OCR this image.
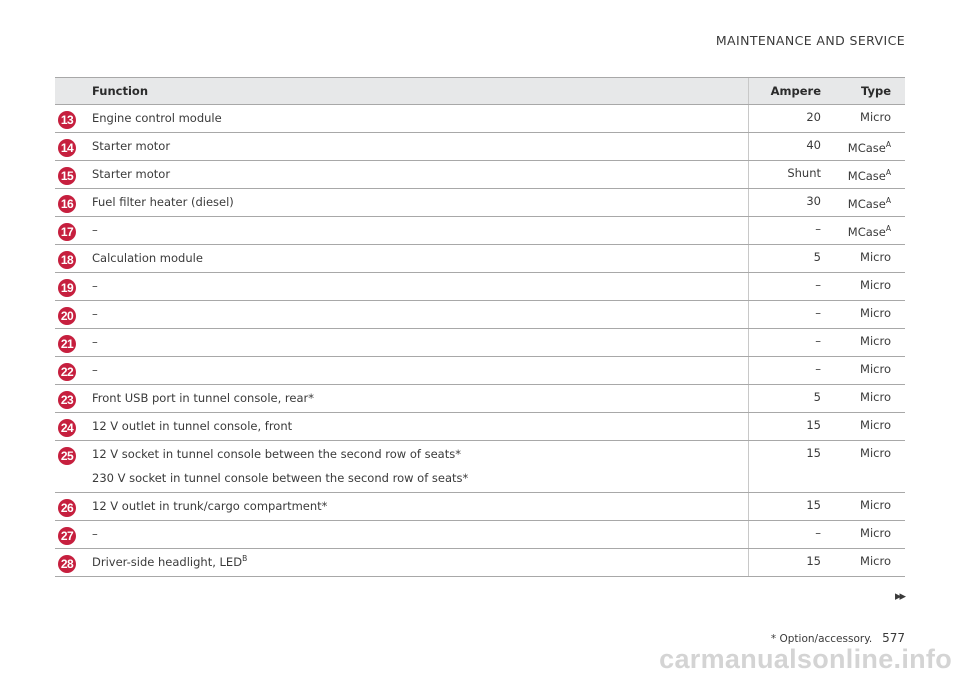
MAINTENANCE AND SERVICE
	Function	Ampere	Type

13	Engine control module	20	Micro

14	Starter motor	40	MCase$^A$

15	Starter motor	Shunt	MCase$^A$

16	Fuel filter heater (diesel)	30	MCase$^A$

17	–	–	MCase$^A$

18	Calculation module	5	Micro

19	–	–	Micro

20	–	–	Micro

21	–	–	Micro

22	–	–	Micro

23	Front USB port in tunnel console, rear*	5	Micro

24	12 V outlet in tunnel console, front	15	Micro

25	12 V socket in tunnel console between the second row of seats*
230 V socket in tunnel console between the second row of seats*	15	Micro

26	12 V outlet in trunk/cargo compartment*	15	Micro

27	–	–	Micro

28	Driver-side headlight, $LED^B$	15	Micro
▸▸
* Option/accessory. 577
carmanualsonline.info
